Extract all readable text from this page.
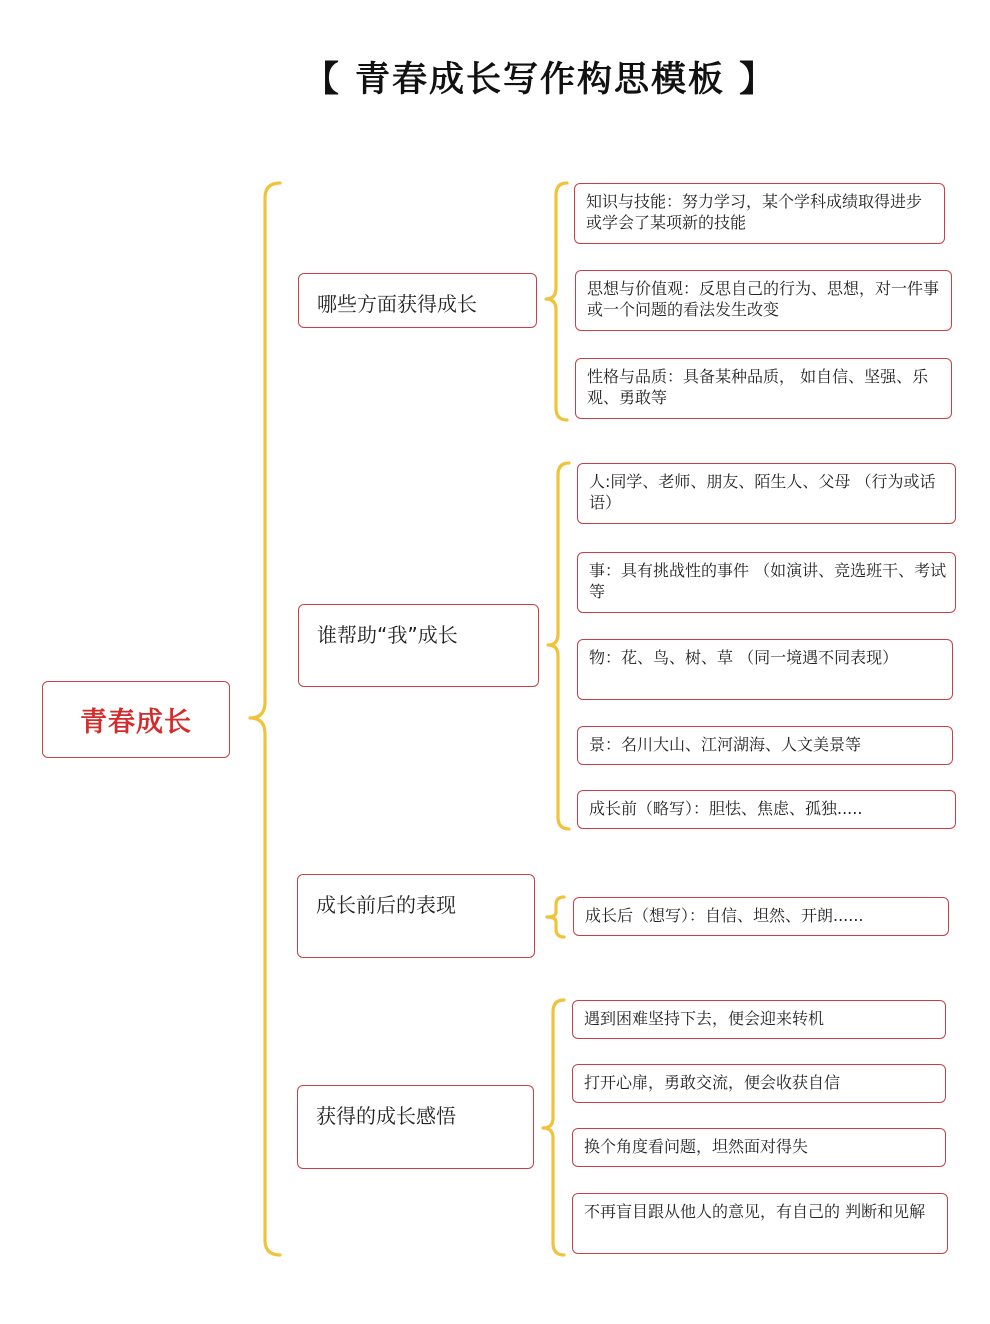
【 青春成长写作构思模板 】
青春成长
哪些方面获得成长
知识与技能：努力学习，某个学科成绩取得进步或学会了某项新的技能
思想与价值观：反思自己的行为、思想，对一件事或一个问题的看法发生改变
性格与品质：具备某种品质， 如自信、坚强、乐观、勇敢等
谁帮助“我”成长
人:同学、老师、朋友、陌生人、父母 （行为或话语）
事：具有挑战性的事件 （如演讲、竞选班干、考试等
物：花、鸟、树、草 （同一境遇不同表现）
景：名川大山、江河湖海、人文美景等
成长前（略写）：胆怯、焦虑、孤独.....
成长前后的表现	成长后（想写）：自信、坦然、开朗......
获得的成长感悟
遇到困难坚持下去，便会迎来转机
打开心扉，勇敢交流，便会收获自信
换个角度看问题，坦然面对得失
不再盲目跟从他人的意见，有自己的 判断和见解
